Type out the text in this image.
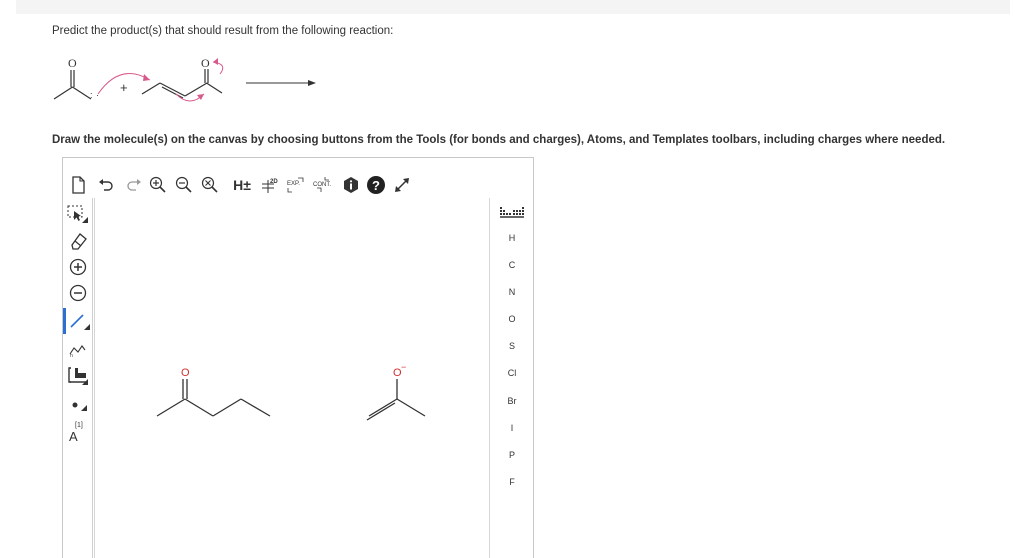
Predict the product(s) that should result from the following reaction:
O
: · +
O
Draw the molecule(s) on the canvas by choosing buttons from the Tools (for bonds and charges), Atoms, and Templates toolbars, including charges where needed.
H±	2D EXP. CONT.	?
n
[1]
A
O	O −
H
C
N
O
S
Cl
Br
I
P
F
